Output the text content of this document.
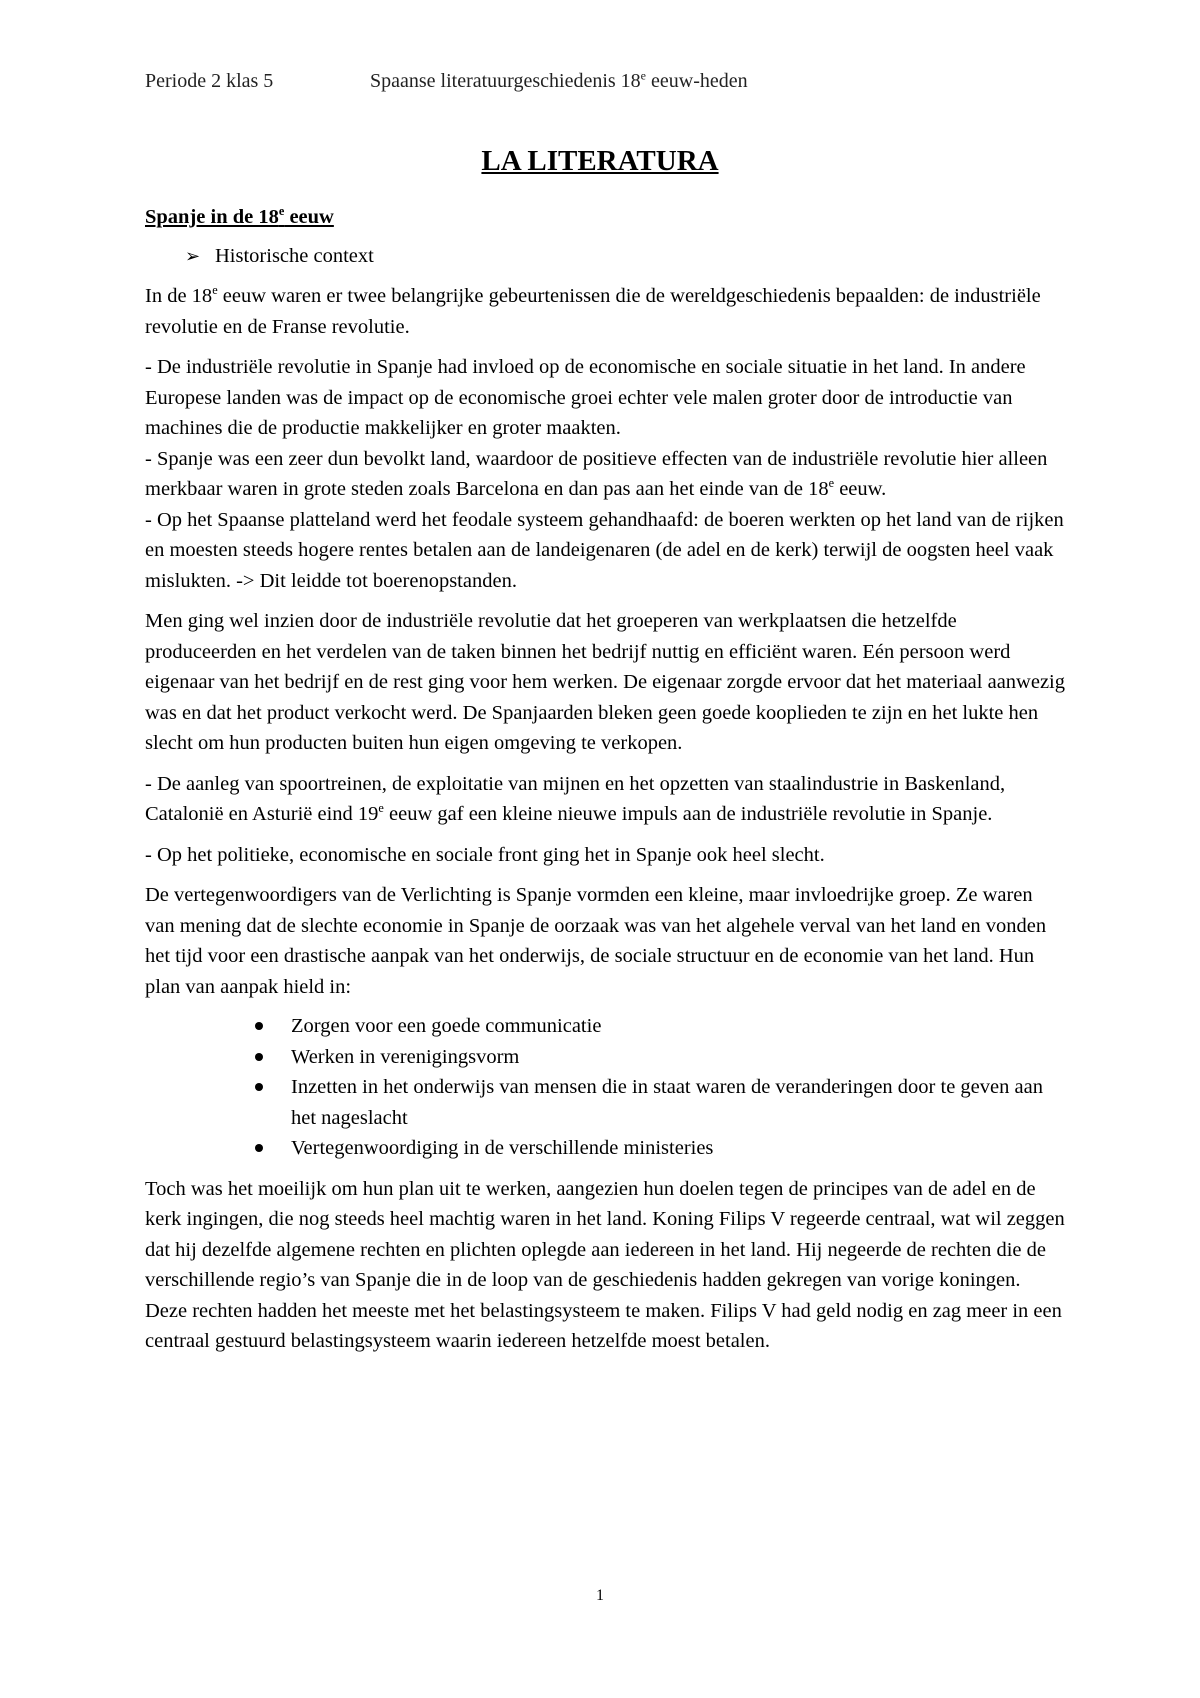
Periode 2 klas 5	Spaanse literatuurgeschiedenis 18e eeuw-heden
LA LITERATURA

Spanje in de 18e eeuw

➢ Historische context

In de 18e eeuw waren er twee belangrijke gebeurtenissen die de wereldgeschiedenis bepaalden: de industriële revolutie en de Franse revolutie.

- De industriële revolutie in Spanje had invloed op de economische en sociale situatie in het land. In andere Europese landen was de impact op de economische groei echter vele malen groter door de introductie van machines die de productie makkelijker en groter maakten.
- Spanje was een zeer dun bevolkt land, waardoor de positieve effecten van de industriële revolutie hier alleen merkbaar waren in grote steden zoals Barcelona en dan pas aan het einde van de 18e eeuw.
- Op het Spaanse platteland werd het feodale systeem gehandhaafd: de boeren werkten op het land van de rijken en moesten steeds hogere rentes betalen aan de landeigenaren (de adel en de kerk) terwijl de oogsten heel vaak mislukten. -> Dit leidde tot boerenopstanden.

Men ging wel inzien door de industriële revolutie dat het groeperen van werkplaatsen die hetzelfde produceerden en het verdelen van de taken binnen het bedrijf nuttig en efficiënt waren. Eén persoon werd eigenaar van het bedrijf en de rest ging voor hem werken. De eigenaar zorgde ervoor dat het materiaal aanwezig was en dat het product verkocht werd. De Spanjaarden bleken geen goede kooplieden te zijn en het lukte hen slecht om hun producten buiten hun eigen omgeving te verkopen.

- De aanleg van spoortreinen, de exploitatie van mijnen en het opzetten van staalindustrie in Baskenland, Catalonië en Asturië eind 19e eeuw gaf een kleine nieuwe impuls aan de industriële revolutie in Spanje.

- Op het politieke, economische en sociale front ging het in Spanje ook heel slecht.

De vertegenwoordigers van de Verlichting is Spanje vormden een kleine, maar invloedrijke groep. Ze waren van mening dat de slechte economie in Spanje de oorzaak was van het algehele verval van het land en vonden het tijd voor een drastische aanpak van het onderwijs, de sociale structuur en de economie van het land. Hun plan van aanpak hield in:

Zorgen voor een goede communicatie
Werken in verenigingsvorm
Inzetten in het onderwijs van mensen die in staat waren de veranderingen door te geven aan het nageslacht
Vertegenwoordiging in de verschillende ministeries

Toch was het moeilijk om hun plan uit te werken, aangezien hun doelen tegen de principes van de adel en de kerk ingingen, die nog steeds heel machtig waren in het land. Koning Filips V regeerde centraal, wat wil zeggen dat hij dezelfde algemene rechten en plichten oplegde aan iedereen in het land. Hij negeerde de rechten die de verschillende regio’s van Spanje die in de loop van de geschiedenis hadden gekregen van vorige koningen. Deze rechten hadden het meeste met het belastingsysteem te maken. Filips V had geld nodig en zag meer in een centraal gestuurd belastingsysteem waarin iedereen hetzelfde moest betalen.

1
